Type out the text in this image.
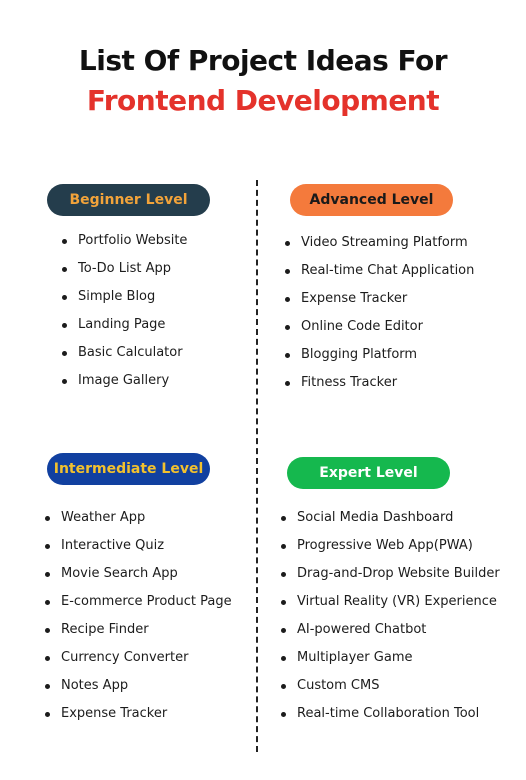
List Of Project Ideas For
Frontend Development
Beginner Level
Portfolio Website
To-Do List App
Simple Blog
Landing Page
Basic Calculator
Image Gallery
Advanced Level
Video Streaming Platform
Real-time Chat Application
Expense Tracker
Online Code Editor
Blogging Platform
Fitness Tracker
Intermediate Level
Weather App
Interactive Quiz
Movie Search App
E-commerce Product Page
Recipe Finder
Currency Converter
Notes App
Expense Tracker
Expert Level
Social Media Dashboard
Progressive Web App(PWA)
Drag-and-Drop Website Builder
Virtual Reality (VR) Experience
AI-powered Chatbot
Multiplayer Game
Custom CMS
Real-time Collaboration Tool
